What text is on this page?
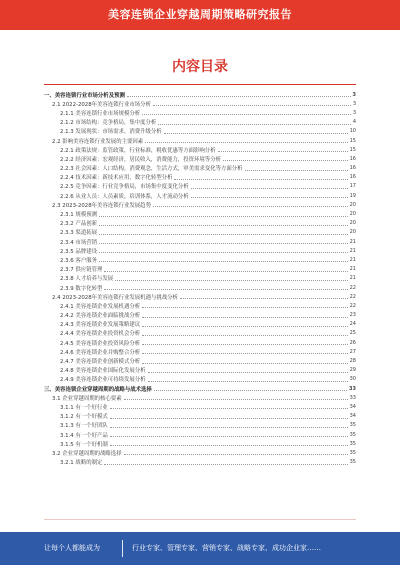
美容连锁企业穿越周期策略研究报告
内容目录
一、美容连锁行业市场分析及预测	3
2.1 2022-2028年美容连锁行业市场分析	3
2.1.1 美容连锁行业市场规模分析	3
2.1.2 市场结构：竞争格局，集中度分析	4
2.1.3 发展现状：市场需求，消费升级分析	10
2.2 影响美容连锁行业发展的主要因素	15
2.2.1 政策法规：监管政策，行业标准，税收优惠等方面影响分析	15
2.2.2 经济因素：宏观经济，居民收入，消费能力，投资环境等分析	16
2.2.3 社会因素：人口结构，消费观念，生活方式，审美需求变化等方面分析	16
2.2.4 技术因素：新技术应用，数字化转型分析	16
2.2.5 竞争因素：行业竞争格局，市场集中度变化分析	17
2.2.6 从业人员：人员素质，培训体系，人才流动分析	19
2.3 2023-2028年美容连锁行业发展趋势	20
2.3.1 规模预测	20
2.3.2 产品创新	20
2.3.3 渠道拓展	20
2.3.4 市场营销	21
2.3.5 品牌建设	21
2.3.6 客户服务	21
2.3.7 供应链管理	21
2.3.8 人才培养与发展	21
2.3.9 数字化转型	22
2.4 2023-2028年美容连锁行业发展机遇与挑战分析	22
2.4.1 美容连锁企业发展机遇分析	22
2.4.2 美容连锁企业面临挑战分析	23
2.4.3 美容连锁企业发展策略建议	24
2.4.4 美容连锁企业投资机会分析	25
2.4.5 美容连锁企业投资风险分析	26
2.4.6 美容连锁企业并购整合分析	27
2.4.7 美容连锁企业创新模式分析	28
2.4.8 美容连锁企业国际化发展分析	29
2.4.9 美容连锁企业可持续发展分析	30
三、美容连锁企业穿越周期的战略与战术选择	33
3.1 企业穿越周期的核心要素	33
3.1.1 有一个好行业	34
3.1.2 有一个好模式	34
3.1.3 有一个好团队	35
3.1.4 有一个好产品	35
3.1.5 有一个好机制	35
3.2 企业穿越周期的战略选择	35
3.2.1 战略的制定	35
让每个人都能成为	行业专家、管理专家、营销专家、战略专家、成功企业家……
